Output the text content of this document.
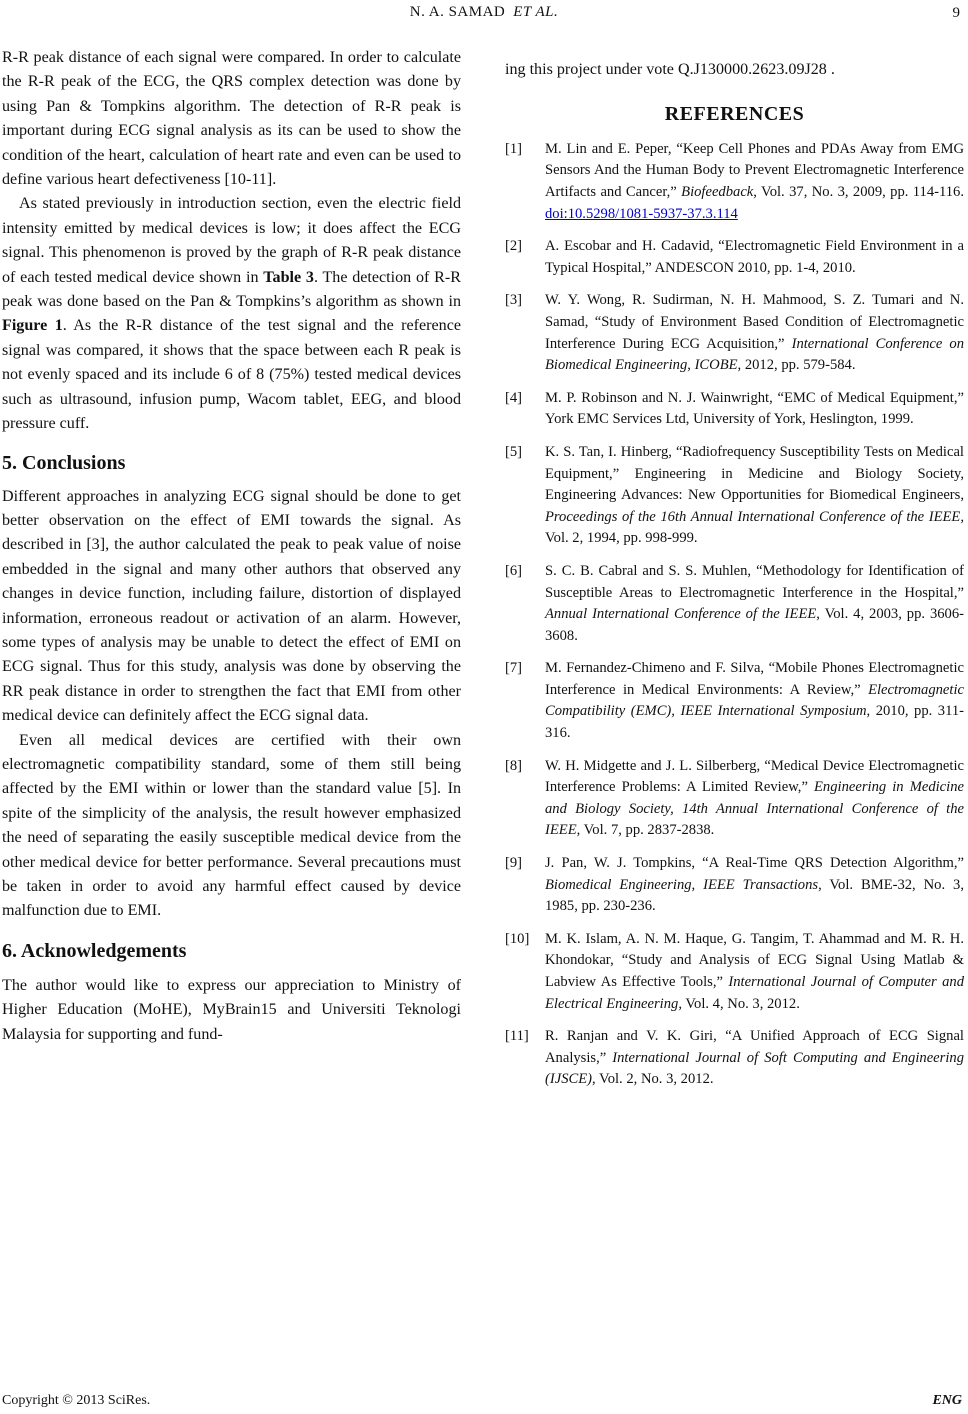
N. A. SAMAD ET AL.	9

R-R peak distance of each signal were compared. In order to calculate the R-R peak of the ECG, the QRS complex detection was done by using Pan & Tompkins algorithm. The detection of R-R peak is important during ECG signal analysis as its can be used to show the condition of the heart, calculation of heart rate and even can be used to define various heart defectiveness [10-11].

As stated previously in introduction section, even the electric field intensity emitted by medical devices is low; it does affect the ECG signal. This phenomenon is proved by the graph of R-R peak distance of each tested medical device shown in Table 3. The detection of R-R peak was done based on the Pan & Tompkins’s algorithm as shown in Figure 1. As the R-R distance of the test signal and the reference signal was compared, it shows that the space between each R peak is not evenly spaced and its include 6 of 8 (75%) tested medical devices such as ultrasound, infusion pump, Wacom tablet, EEG, and blood pressure cuff.

5. Conclusions

Different approaches in analyzing ECG signal should be done to get better observation on the effect of EMI towards the signal. As described in [3], the author calculated the peak to peak value of noise embedded in the signal and many other authors that observed any changes in device function, including failure, distortion of displayed information, erroneous readout or activation of an alarm. However, some types of analysis may be unable to detect the effect of EMI on ECG signal. Thus for this study, analysis was done by observing the RR peak distance in order to strengthen the fact that EMI from other medical device can definitely affect the ECG signal data.

Even all medical devices are certified with their own electromagnetic compatibility standard, some of them still being affected by the EMI within or lower than the standard value [5]. In spite of the simplicity of the analysis, the result however emphasized the need of separating the easily susceptible medical device from the other medical device for better performance. Several precautions must be taken in order to avoid any harmful effect caused by device malfunction due to EMI.

6. Acknowledgements

The author would like to express our appreciation to Ministry of Higher Education (MoHE), MyBrain15 and Universiti Teknologi Malaysia for supporting and fund-

ing this project under vote Q.J130000.2623.09J28 .

REFERENCES
[1]	M. Lin and E. Peper, “Keep Cell Phones and PDAs Away from EMG Sensors And the Human Body to Prevent Electromagnetic Interference Artifacts and Cancer,” Biofeedback, Vol. 37, No. 3, 2009, pp. 114-116. doi:10.5298/1081-5937-37.3.114
[2]	A. Escobar and H. Cadavid, “Electromagnetic Field Environment in a Typical Hospital,” ANDESCON 2010, pp. 1-4, 2010.
[3]	W. Y. Wong, R. Sudirman, N. H. Mahmood, S. Z. Tumari and N. Samad, “Study of Environment Based Condition of Electromagnetic Interference During ECG Acquisition,” International Conference on Biomedical Engineering, ICOBE, 2012, pp. 579-584.
[4]	M. P. Robinson and N. J. Wainwright, “EMC of Medical Equipment,” York EMC Services Ltd, University of York, Heslington, 1999.
[5]	K. S. Tan, I. Hinberg, “Radiofrequency Susceptibility Tests on Medical Equipment,” Engineering in Medicine and Biology Society, Engineering Advances: New Opportunities for Biomedical Engineers, Proceedings of the 16th Annual International Conference of the IEEE, Vol. 2, 1994, pp. 998-999.
[6]	S. C. B. Cabral and S. S. Muhlen, “Methodology for Identification of Susceptible Areas to Electromagnetic Interference in the Hospital,” Annual International Conference of the IEEE, Vol. 4, 2003, pp. 3606-3608.
[7]	M. Fernandez-Chimeno and F. Silva, “Mobile Phones Electromagnetic Interference in Medical Environments: A Review,” Electromagnetic Compatibility (EMC), IEEE International Symposium, 2010, pp. 311-316.
[8]	W. H. Midgette and J. L. Silberberg, “Medical Device Electromagnetic Interference Problems: A Limited Review,” Engineering in Medicine and Biology Society, 14th Annual International Conference of the IEEE, Vol. 7, pp. 2837-2838.
[9]	J. Pan, W. J. Tompkins, “A Real-Time QRS Detection Algorithm,” Biomedical Engineering, IEEE Transactions, Vol. BME-32, No. 3, 1985, pp. 230-236.
[10]	M. K. Islam, A. N. M. Haque, G. Tangim, T. Ahammad and M. R. H. Khondokar, “Study and Analysis of ECG Signal Using Matlab & Labview As Effective Tools,” International Journal of Computer and Electrical Engineering, Vol. 4, No. 3, 2012.
[11]	R. Ranjan and V. K. Giri, “A Unified Approach of ECG Signal Analysis,” International Journal of Soft Computing and Engineering (IJSCE), Vol. 2, No. 3, 2012.
Copyright © 2013 SciRes.	ENG
